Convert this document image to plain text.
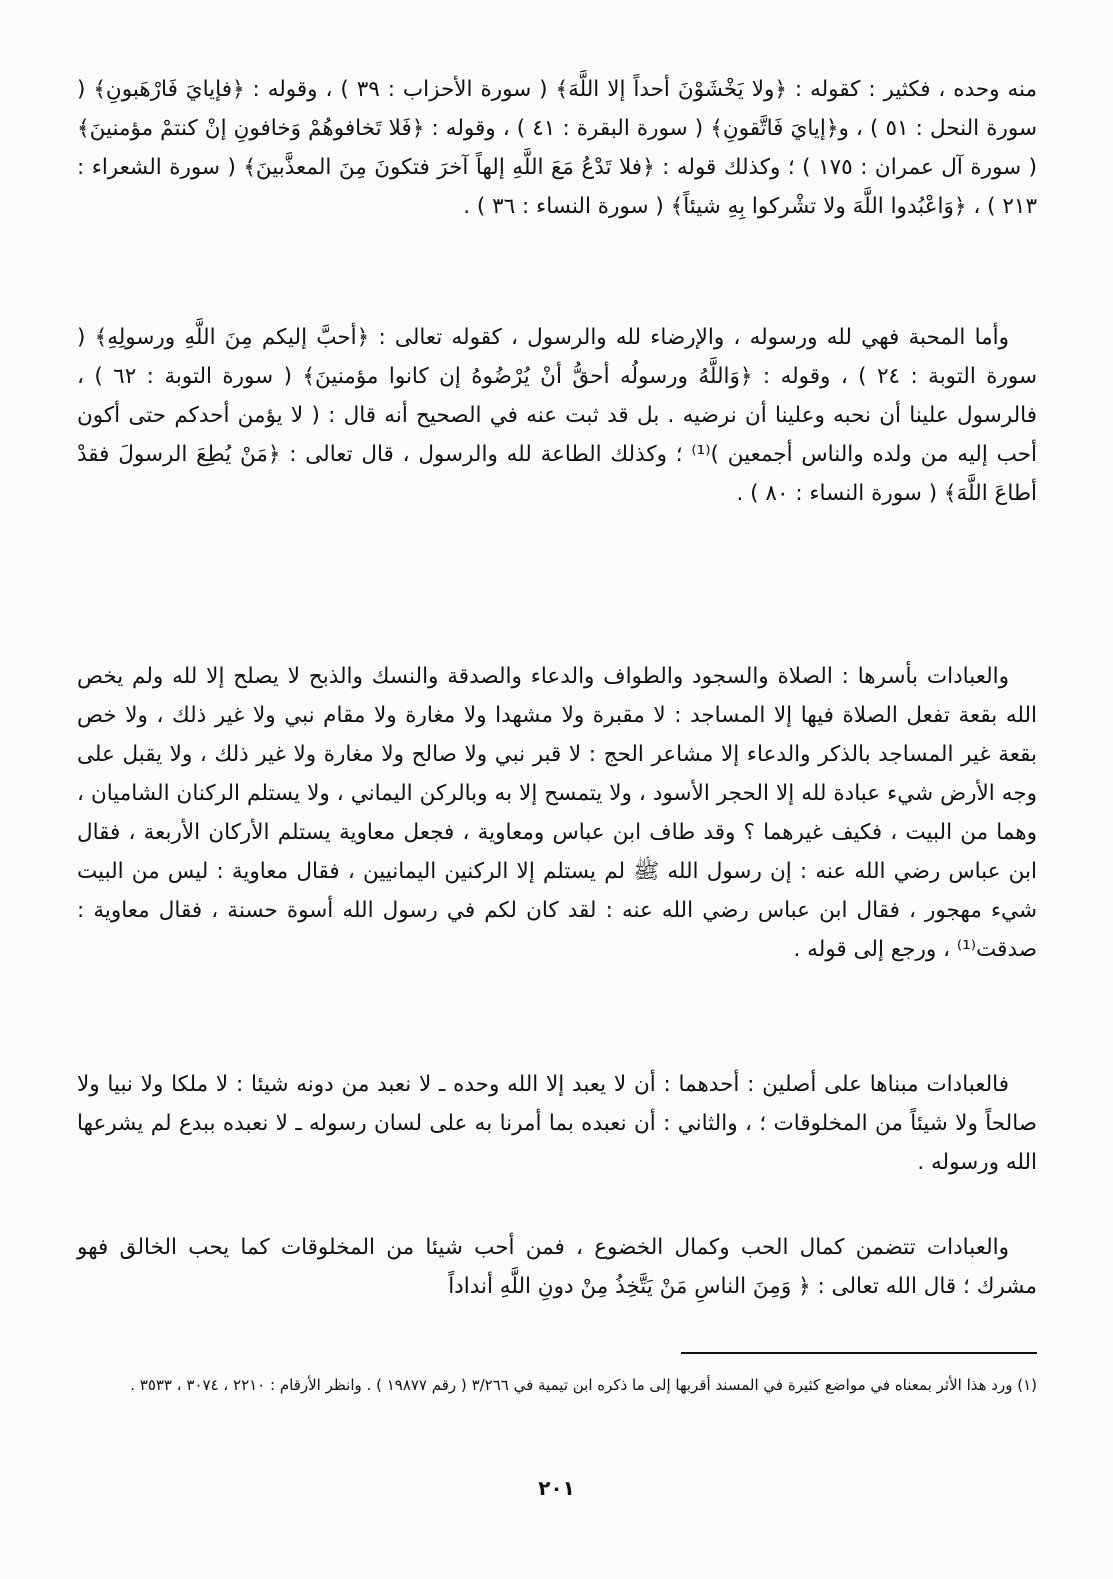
منه وحده ، فكثير : كقوله : ﴿ولا يَخْشَوْنَ أحداً إلا اللَّهَ﴾ ( سورة الأحزاب : ٣٩ ) ، وقوله : ﴿فإيايَ فَارْهَبونِ﴾ ( سورة النحل : ٥١ ) ، و﴿إيايَ فَاتَّقونِ﴾ ( سورة البقرة : ٤١ ) ، وقوله : ﴿فَلا تَخافوهُمْ وَخافونِ إنْ كنتمْ مؤمنينَ﴾ ( سورة آل عمران : ١٧٥ ) ؛ وكذلك قوله : ﴿فلا تَدْعُ مَعَ اللَّهِ إلهاً آخرَ فتكونَ مِنَ المعذَّبينَ﴾ ( سورة الشعراء : ٢١٣ ) ، ﴿وَاعْبُدوا اللَّهَ ولا تشْركوا بِهِ شيئاً﴾ ( سورة النساء : ٣٦ ) .

وأما المحبة فهي لله ورسوله ، والإرضاء لله والرسول ، كقوله تعالى : ﴿أحبَّ إليكم مِنَ اللَّهِ ورسولِهِ﴾ ( سورة التوبة : ٢٤ ) ، وقوله : ﴿وَاللَّهُ ورسولُه أحقُّ أنْ يُرْضُوهُ إن كانوا مؤمنينَ﴾ ( سورة التوبة : ٦٢ ) ، فالرسول علينا أن نحبه وعلينا أن نرضيه . بل قد ثبت عنه في الصحيح أنه قال : ( لا يؤمن أحدكم حتى أكون أحب إليه من ولده والناس أجمعين )⁽¹⁾ ؛ وكذلك الطاعة لله والرسول ، قال تعالى : ﴿مَنْ يُطِعَ الرسولَ فقدْ أطاعَ اللَّهَ﴾ ( سورة النساء : ٨٠ ) .

والعبادات بأسرها : الصلاة والسجود والطواف والدعاء والصدقة والنسك والذبح لا يصلح إلا لله ولم يخص الله بقعة تفعل الصلاة فيها إلا المساجد : لا مقبرة ولا مشهدا ولا مغارة ولا مقام نبي ولا غير ذلك ، ولا خص بقعة غير المساجد بالذكر والدعاء إلا مشاعر الحج : لا قبر نبي ولا صالح ولا مغارة ولا غير ذلك ، ولا يقبل على وجه الأرض شيء عبادة لله إلا الحجر الأسود ، ولا يتمسح إلا به وبالركن اليماني ، ولا يستلم الركنان الشاميان ، وهما من البيت ، فكيف غيرهما ؟ وقد طاف ابن عباس ومعاوية ، فجعل معاوية يستلم الأركان الأربعة ، فقال ابن عباس رضي الله عنه : إن رسول الله ﷺ لم يستلم إلا الركنين اليمانيين ، فقال معاوية : ليس من البيت شيء مهجور ، فقال ابن عباس رضي الله عنه : لقد كان لكم في رسول الله أسوة حسنة ، فقال معاوية : صدقت⁽¹⁾ ، ورجع إلى قوله .

فالعبادات مبناها على أصلين : أحدهما : أن لا يعبد إلا الله وحده ـ لا نعبد من دونه شيئا : لا ملكا ولا نبيا ولا صالحاً ولا شيئاً من المخلوقات ؛ ، والثاني : أن نعبده بما أمرنا به على لسان رسوله ـ لا نعبده ببدع لم يشرعها الله ورسوله .

والعبادات تتضمن كمال الحب وكمال الخضوع ، فمن أحب شيئا من المخلوقات كما يحب الخالق فهو مشرك ؛ قال الله تعالى : ﴿ وَمِنَ الناسِ مَنْ يَتَّخِذُ مِنْ دونِ اللَّهِ أنداداً

(١) ورد هذا الأثر بمعناه في مواضع كثيرة في المسند أقربها إلى ما ذكره ابن تيمية في ٣/٢٦٦ ( رقم ١٩٨٧٧ ) . وانظر الأرقام : ٢٢١٠ ، ٣٠٧٤ ، ٣٥٣٣ .
٢٠١
